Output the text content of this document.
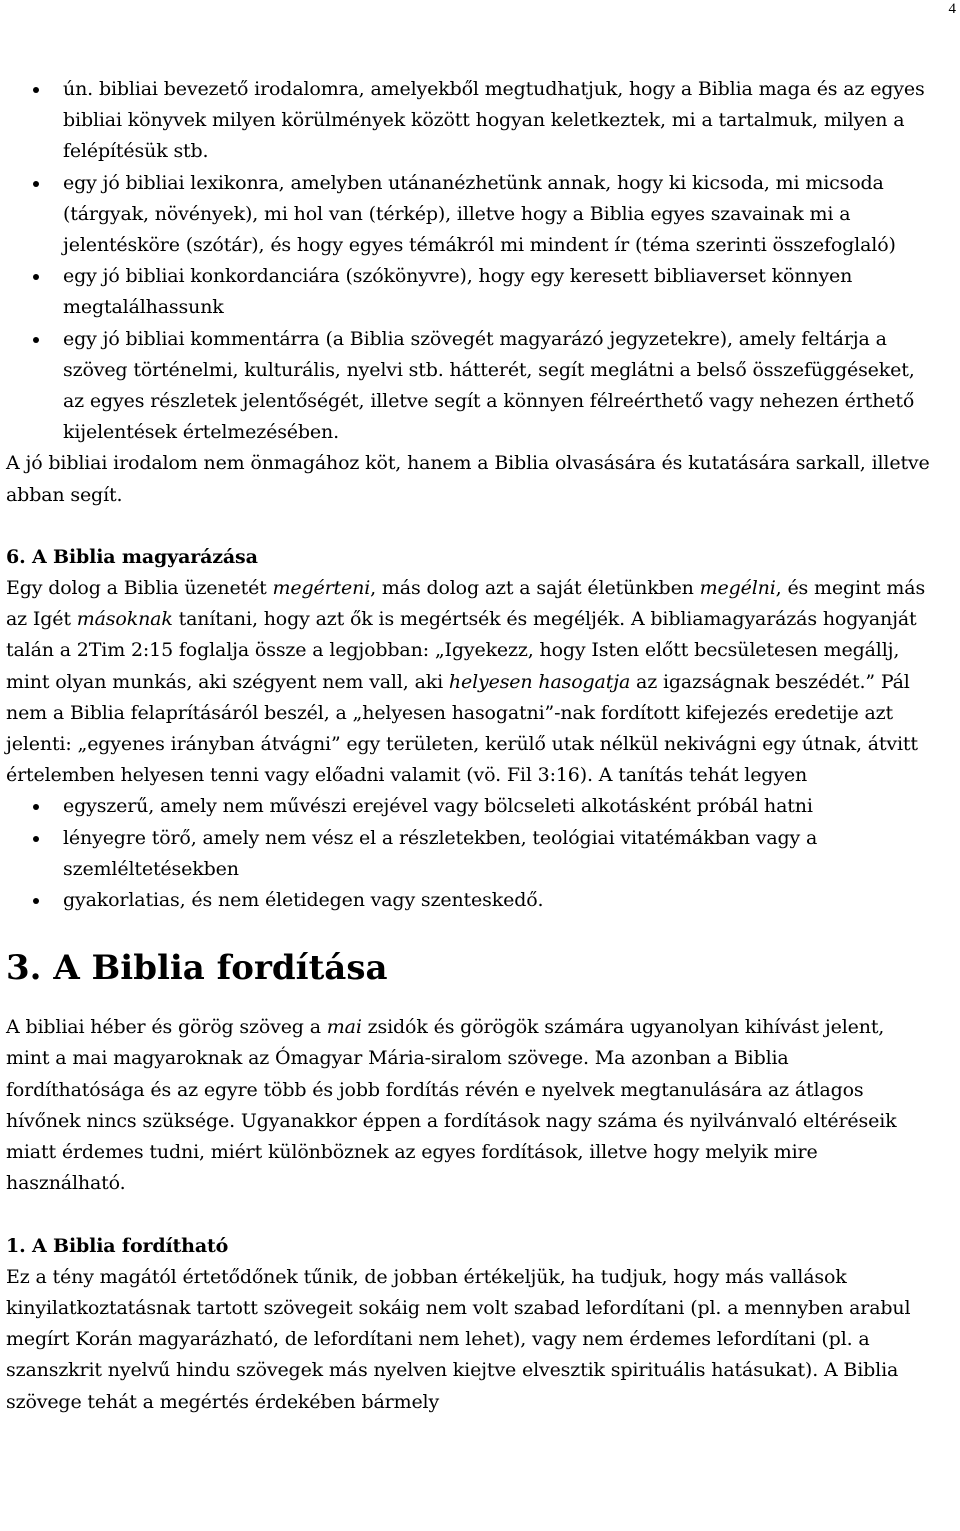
4
ún. bibliai bevezető irodalomra, amelyekből megtudhatjuk, hogy a Biblia maga és az egyes bibliai könyvek milyen körülmények között hogyan keletkeztek, mi a tartalmuk, milyen a felépítésük stb.
egy jó bibliai lexikonra, amelyben utánanézhetünk annak, hogy ki kicsoda, mi micsoda (tárgyak, növények), mi hol van (térkép), illetve hogy a Biblia egyes szavainak mi a jelentésköre (szótár), és hogy egyes témákról mi mindent ír (téma szerinti összefoglaló)
egy jó bibliai konkordanciára (szókönyvre), hogy egy keresett bibliaverset könnyen megtalálhassunk
egy jó bibliai kommentárra (a Biblia szövegét magyarázó jegyzetekre), amely feltárja a szöveg történelmi, kulturális, nyelvi stb. hátterét, segít meglátni a belső összefüggéseket, az egyes részletek jelentőségét, illetve segít a könnyen félreérthető vagy nehezen érthető kijelentések értelmezésében.

A jó bibliai irodalom nem önmagához köt, hanem a Biblia olvasására és kutatására sarkall, illetve abban segít.

6. A Biblia magyarázása

Egy dolog a Biblia üzenetét megérteni, más dolog azt a saját életünkben megélni, és megint más az Igét másoknak tanítani, hogy azt ők is megértsék és megéljék. A bibliamagyarázás hogyanját talán a 2Tim 2:15 foglalja össze a legjobban: „Igyekezz, hogy Isten előtt becsületesen megállj, mint olyan munkás, aki szégyent nem vall, aki helyesen hasogatja az igazságnak beszédét.” Pál nem a Biblia felaprításáról beszél, a „helyesen hasogatni”-nak fordított kifejezés eredetije azt jelenti: „egyenes irányban átvágni” egy területen, kerülő utak nélkül nekivágni egy útnak, átvitt értelemben helyesen tenni vagy előadni valamit (vö. Fil 3:16). A tanítás tehát legyen

egyszerű, amely nem művészi erejével vagy bölcseleti alkotásként próbál hatni
lényegre törő, amely nem vész el a részletekben, teológiai vitatémákban vagy a szemléltetésekben
gyakorlatias, és nem életidegen vagy szenteskedő.
3. A Biblia fordítása

A bibliai héber és görög szöveg a mai zsidók és görögök számára ugyanolyan kihívást jelent, mint a mai magyaroknak az Ómagyar Mária-siralom szövege. Ma azonban a Biblia fordíthatósága és az egyre több és jobb fordítás révén e nyelvek megtanulására az átlagos hívőnek nincs szüksége. Ugyanakkor éppen a fordítások nagy száma és nyilvánvaló eltéréseik miatt érdemes tudni, miért különböznek az egyes fordítások, illetve hogy melyik mire használható.

1. A Biblia fordítható

Ez a tény magától értetődőnek tűnik, de jobban értékeljük, ha tudjuk, hogy más vallások kinyilatkoztatásnak tartott szövegeit sokáig nem volt szabad lefordítani (pl. a mennyben arabul megírt Korán magyarázható, de lefordítani nem lehet), vagy nem érdemes lefordítani (pl. a szanszkrit nyelvű hindu szövegek más nyelven kiejtve elvesztik spirituális hatásukat). A Biblia szövege tehát a megértés érdekében bármely
